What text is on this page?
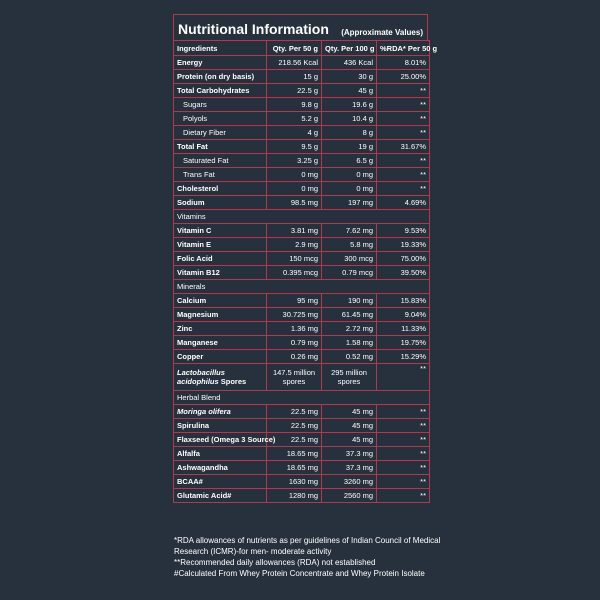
Nutritional Information (Approximate Values)
Ingredients	Qty. Per 50 g	Qty. Per 100 g	%RDA* Per 50 g
Energy	218.56 Kcal	436 Kcal	8.01%
Protein (on dry basis)	15 g	30 g	25.00%
Total Carbohydrates	22.5 g	45 g	**
Sugars	9.8 g	19.6 g	**
Polyols	5.2 g	10.4 g	**
Dietary Fiber	4 g	8 g	**
Total Fat	9.5 g	19 g	31.67%
Saturated Fat	3.25 g	6.5 g	**
Trans Fat	0 mg	0 mg	**
Cholesterol	0 mg	0 mg	**
Sodium	98.5 mg	197 mg	4.69%
Vitamins			
Vitamin C	3.81 mg	7.62 mg	9.53%
Vitamin E	2.9 mg	5.8 mg	19.33%
Folic Acid	150 mcg	300 mcg	75.00%
Vitamin B12	0.395 mcg	0.79 mcg	39.50%
Minerals			
Calcium	95 mg	190 mg	15.83%
Magnesium	30.725 mg	61.45 mg	9.04%
Zinc	1.36 mg	2.72 mg	11.33%
Manganese	0.79 mg	1.58 mg	19.75%
Copper	0.26 mg	0.52 mg	15.29%
Lactobacillus acidophilus Spores	147.5 million spores	295 million spores	**
Herbal Blend			
Moringa olifera	22.5 mg	45 mg	**
Spirulina	22.5 mg	45 mg	**
Flaxseed (Omega 3 Source)	22.5 mg	45 mg	**
Alfalfa	18.65 mg	37.3 mg	**
Ashwagandha	18.65 mg	37.3 mg	**
BCAA#	1630 mg	3260 mg	**
Glutamic Acid#	1280 mg	2560 mg	**
*RDA allowances of nutrients as per guidelines of Indian Council of Medical Research (ICMR)-for men- moderate activity
**Recommended daily allowances (RDA) not established
#Calculated From Whey Protein Concentrate and Whey Protein Isolate
